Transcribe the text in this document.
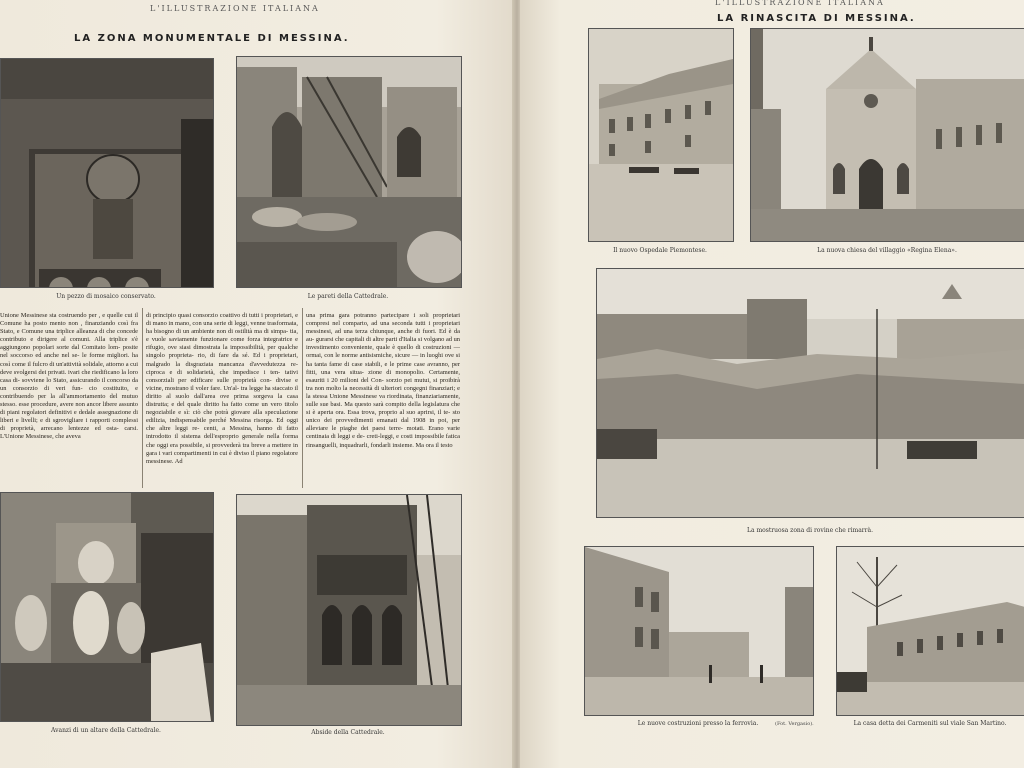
L'ILLUSTRAZIONE ITALIANA
LA ZONA MONUMENTALE DI MESSINA.
Un pezzo di mosaico conservato.	Le pareti della Cattedrale.
Unione Messinese sta costruendo per , e quelle cui il Comune ha posto mento non , finanziando così fra Stato, e Comune una triplice alleanza di che concede contributo e dirigere al comuni. Alla triplice s'è aggiungono popolari sorte dal Comitato lom- posite nel soccorso ed anche nel se- le forme migliori. ha così come il fulcro di un'attività solidale, attorno a cui deve svolgersi dei privati. ivari che riedificano la loro casa di- sovviene lo Stato, assicurando il concorso da un consorzio di veri fun- cio costituito, e contribuendo per la all'ammortamento del mutuo stesso. esse procedure, avere non ancor libere assunto di piani regolatori definitivi e dedale assegnazione di liberi e livelli; e di sgrovigliare i rapporti complessi di proprietà, arrecano lentezze ed osta- carsi. L'Unione Messinese, che aveva
di principio quasi consorzio coattivo di tutti i proprietari, e di mano in mano, con una serie di leggi, venne trasformata, ha bisogno di un ambiente non di ostilità ma di simpa- tia, e vuole saviamente funzionare come forza integratrice e rifugio, ove siasi dimostrata la impossibilità, per qualche singolo proprieta- rio, di fare da sé. Ed i proprietari, malgrado la disgraziata mancanza d'avvedutezza re- ciproca e di solidarietà, che impedisce i ten- tativi consorziali per edificare sulle proprietà con- divise e vicine, mostrano il voler fare. Un'al- tra legge ha staccato il diritto al suolo dall'area ove prima sorgeva la casa distrutta; e del quale diritto ha fatto come un vero titolo negoziabile e sì: ciò che potrà giovare alla speculazione edilizia, indispensabile perché Messina risorga. Ed oggi che altre leggi re- centi, a Messina, hanno di fatto introdotto il sistema dell'esproprio generale nella forma che oggi era possibile, si provvederà tra breve a mettere in gara i vari compartimenti in cui è diviso il piano regolatore messinese. Ad
una prima gara potranno partecipare i soli proprietari compresi nel comparto, ad una seconda tutti i proprietari messinesi, ad una terza chiunque, anche di fuori. Ed è da au- gurarsi che capitali di altre parti d'Italia si volgano ad un investimento conveniente, quale è quello di costruzioni — ormai, con le norme antisismiche, sicure — in luoghi ove si ha tanta fame di case stabili, e le prime case avranno, per fitti, una vera situa- zione di monopolio. Certamente, esauriti i 20 milioni del Con- sorzio pei mutui, si proibirà tra non molto la necessità di ulteriori congegni finanziari; e la stessa Unione Messinese va riordinata, finanziariamente, sulle sue basi. Ma questo sarà compito della legislatura che si è aperta ora. Essa trova, proprio al suo aprirsi, il te- sto unico dei provvedimenti emanati dal 1908 in poi, per alleviare le piaghe dei paesi terre- motati. Erano varie centinaia di leggi e de- creti-leggi, e costi impossibile fatica rinsanguelli, inquadrarli, fondarli insieme. Ma ora il testo
Avanzi di un altare della Cattedrale.	Abside della Cattedrale.
L'ILLUSTRAZIONE ITALIANA
LA RINASCITA DI MESSINA.
Il nuovo Ospedale Piemontese.	La nuova chiesa del villaggio «Regina Elena».
La mostruosa zona di rovine che rimarrà.
Le nuove costruzioni presso la ferrovia.	(Fot. Vergasio).	La casa detta dei Carmeniti sul viale San Martino.
